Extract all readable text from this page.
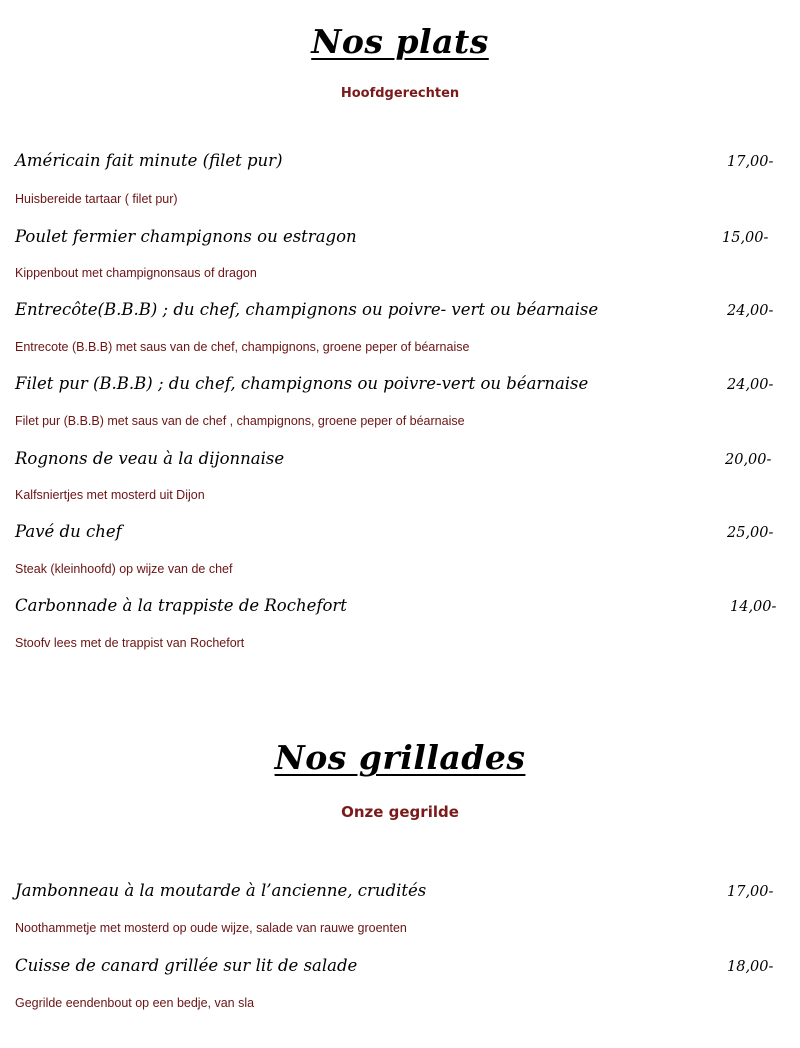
Nos plats
Hoofdgerechten
Américain fait minute (filet pur)	17,00-
Huisbereide tartaar ( filet pur)
Poulet fermier champignons ou estragon	15,00-
Kippenbout met champignonsaus of dragon
Entrecôte(B.B.B) ; du chef, champignons ou poivre- vert ou béarnaise	24,00-
Entrecote (B.B.B) met saus van de chef, champignons, groene peper of béarnaise
Filet pur (B.B.B) ; du chef, champignons ou poivre-vert ou béarnaise	24,00-
Filet pur (B.B.B) met saus van de chef , champignons, groene peper of béarnaise
Rognons de veau à la dijonnaise	20,00-
Kalfsniertjes met mosterd uit Dijon
Pavé du chef	25,00-
Steak (kleinhoofd) op wijze van de chef
Carbonnade à la trappiste de Rochefort	14,00-
Stoofv lees met de trappist van Rochefort
Nos grillades
Onze gegrilde
Jambonneau à la moutarde à l’ancienne, crudités	17,00-
Noothammetje met mosterd op oude wijze, salade van rauwe groenten
Cuisse de canard grillée sur lit de salade	18,00-
Gegrilde eendenbout op een bedje, van sla
